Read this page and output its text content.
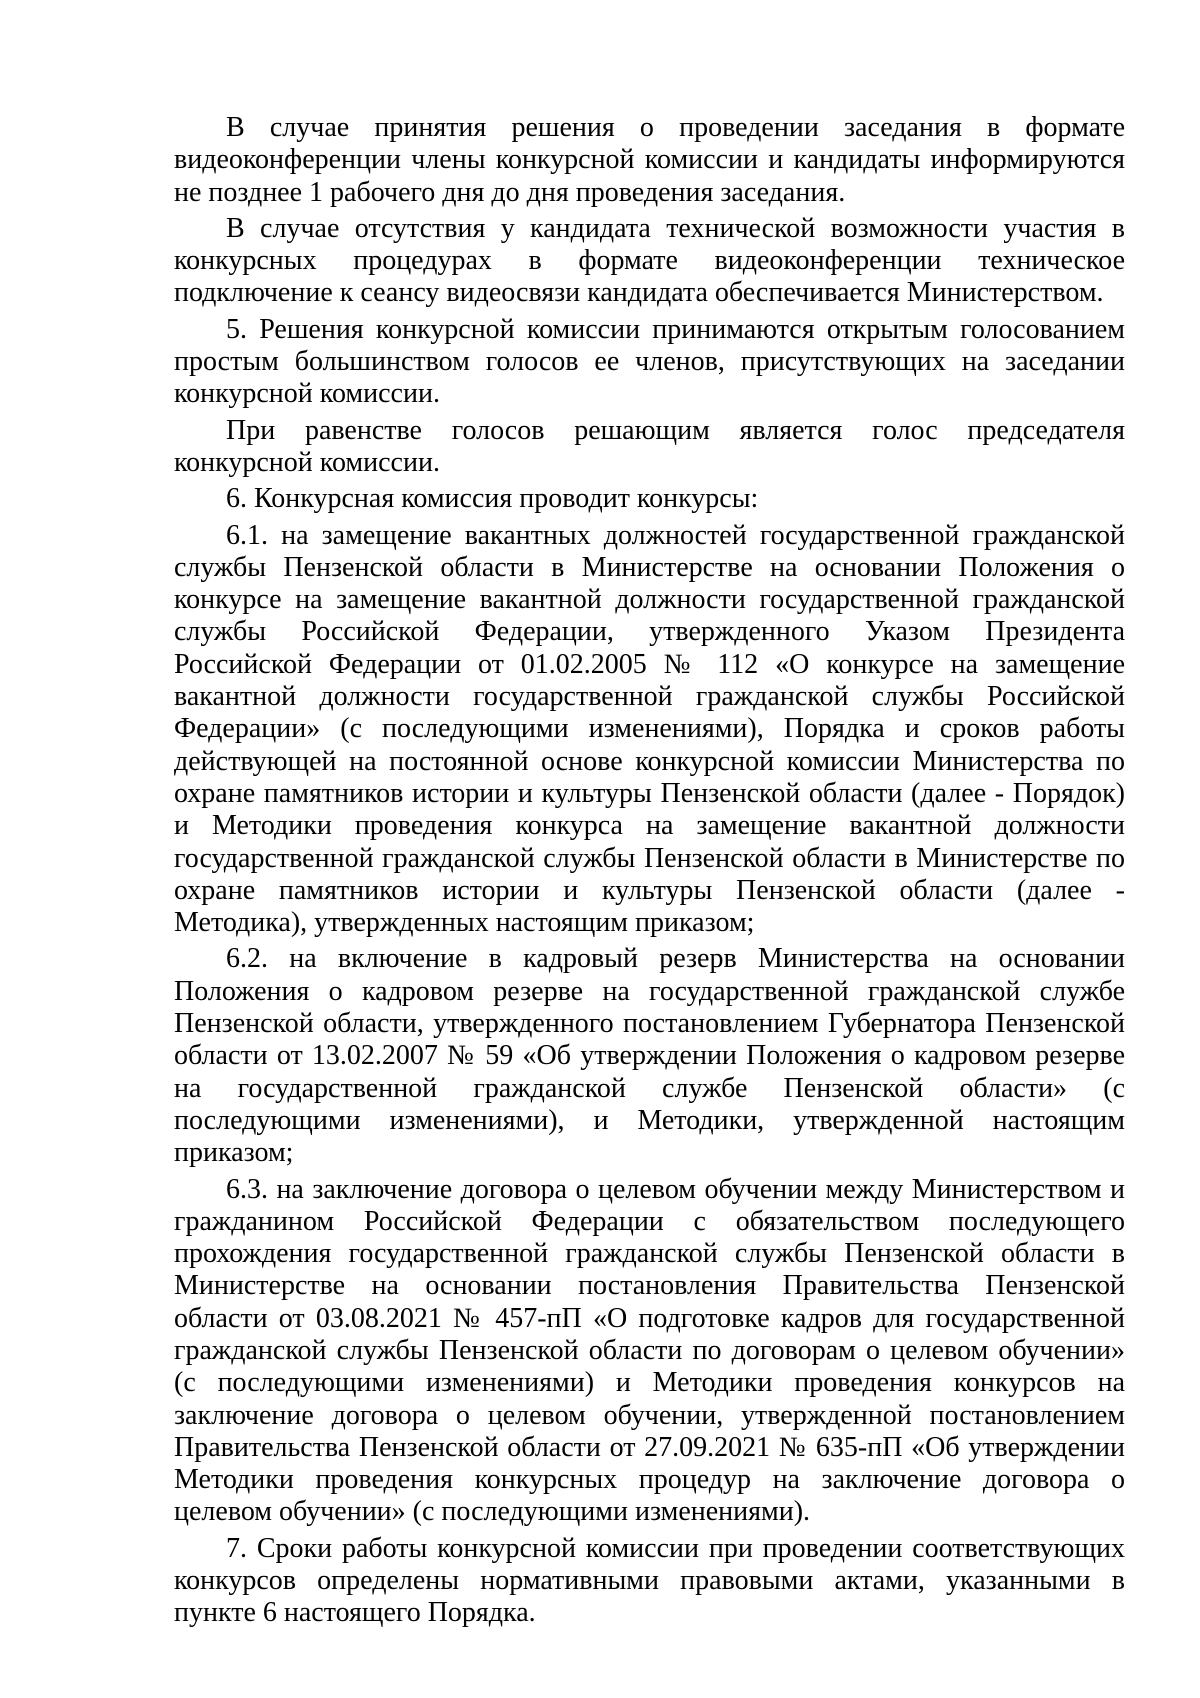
В случае принятия решения о проведении заседания в формате видеоконференции члены конкурсной комиссии и кандидаты информируются не позднее 1 рабочего дня до дня проведения заседания.

В случае отсутствия у кандидата технической возможности участия в конкурсных процедурах в формате видеоконференции техническое подключение к сеансу видеосвязи кандидата обеспечивается Министерством.

5. Решения конкурсной комиссии принимаются открытым голосованием простым большинством голосов ее членов, присутствующих на заседании конкурсной комиссии.

При равенстве голосов решающим является голос председателя конкурсной комиссии.

6. Конкурсная комиссия проводит конкурсы:

6.1. на замещение вакантных должностей государственной гражданской службы Пензенской области в Министерстве на основании Положения о конкурсе на замещение вакантной должности государственной гражданской службы Российской Федерации, утвержденного Указом Президента Российской Федерации от 01.02.2005 № 112 «О конкурсе на замещение вакантной должности государственной гражданской службы Российской Федерации» (с последующими изменениями), Порядка и сроков работы действующей на постоянной основе конкурсной комиссии Министерства по охране памятников истории и культуры Пензенской области (далее - Порядок) и Методики проведения конкурса на замещение вакантной должности государственной гражданской службы Пензенской области в Министерстве по охране памятников истории и культуры Пензенской области (далее - Методика), утвержденных настоящим приказом;

6.2. на включение в кадровый резерв Министерства на основании Положения о кадровом резерве на государственной гражданской службе Пензенской области, утвержденного постановлением Губернатора Пензенской области от 13.02.2007 № 59 «Об утверждении Положения о кадровом резерве на государственной гражданской службе Пензенской области» (с последующими изменениями), и Методики, утвержденной настоящим приказом;

6.3. на заключение договора о целевом обучении между Министерством и гражданином Российской Федерации с обязательством последующего прохождения государственной гражданской службы Пензенской области в Министерстве на основании постановления Правительства Пензенской области от 03.08.2021 № 457-пП «О подготовке кадров для государственной гражданской службы Пензенской области по договорам о целевом обучении» (с последующими изменениями) и Методики проведения конкурсов на заключение договора о целевом обучении, утвержденной постановлением Правительства Пензенской области от 27.09.2021 № 635-пП «Об утверждении Методики проведения конкурсных процедур на заключение договора о целевом обучении» (с последующими изменениями).

7. Сроки работы конкурсной комиссии при проведении соответствующих конкурсов определены нормативными правовыми актами, указанными в пункте 6 настоящего Порядка.
